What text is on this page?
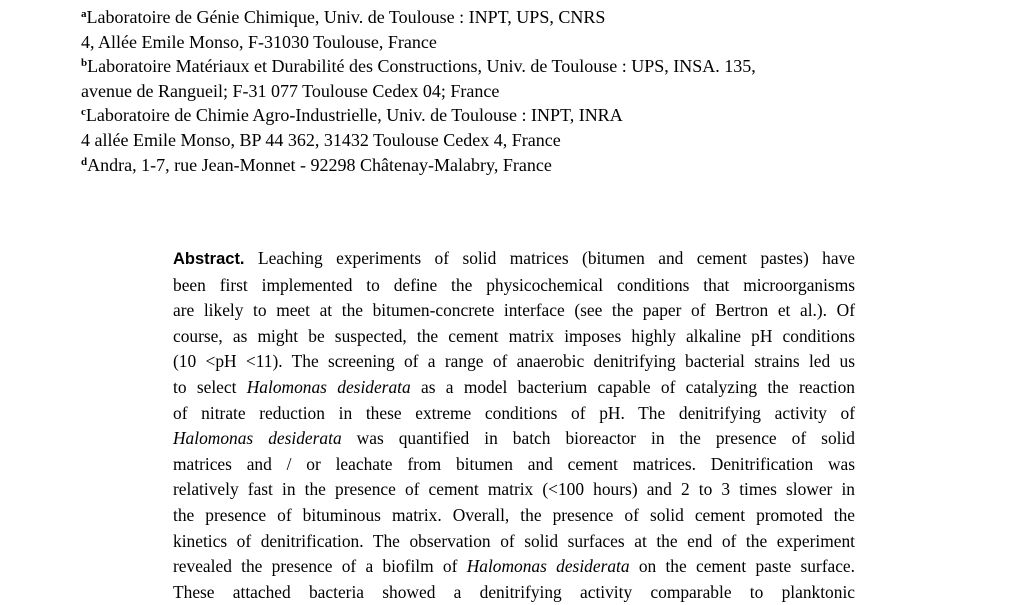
$^a$Laboratoire de Génie Chimique, Univ. de Toulouse : INPT, UPS, CNRS
4, Allée Emile Monso, F-31030 Toulouse, France
$^b$Laboratoire Matériaux et Durabilité des Constructions, Univ. de Toulouse : UPS, INSA. 135,
avenue de Rangueil; F-31 077 Toulouse Cedex 04; France
$^c$Laboratoire de Chimie Agro-Industrielle, Univ. de Toulouse : INPT, INRA
4 allée Emile Monso, BP 44 362, 31432 Toulouse Cedex 4, France
$^d$Andra, 1-7, rue Jean-Monnet - 92298 Châtenay-Malabry, France
Abstract. Leaching experiments of solid matrices (bitumen and cement pastes) have
been first implemented to define the physicochemical conditions that microorganisms
are likely to meet at the bitumen-concrete interface (see the paper of Bertron et al.). Of
course, as might be suspected, the cement matrix imposes highly alkaline pH conditions
(10 <pH <11). The screening of a range of anaerobic denitrifying bacterial strains led us
to select Halomonas desiderata as a model bacterium capable of catalyzing the reaction
of nitrate reduction in these extreme conditions of pH. The denitrifying activity of
Halomonas desiderata was quantified in batch bioreactor in the presence of solid
matrices and / or leachate from bitumen and cement matrices. Denitrification was
relatively fast in the presence of cement matrix (<100 hours) and 2 to 3 times slower in
the presence of bituminous matrix. Overall, the presence of solid cement promoted the
kinetics of denitrification. The observation of solid surfaces at the end of the experiment
revealed the presence of a biofilm of Halomonas desiderata on the cement paste surface.
These attached bacteria showed a denitrifying activity comparable to planktonic
